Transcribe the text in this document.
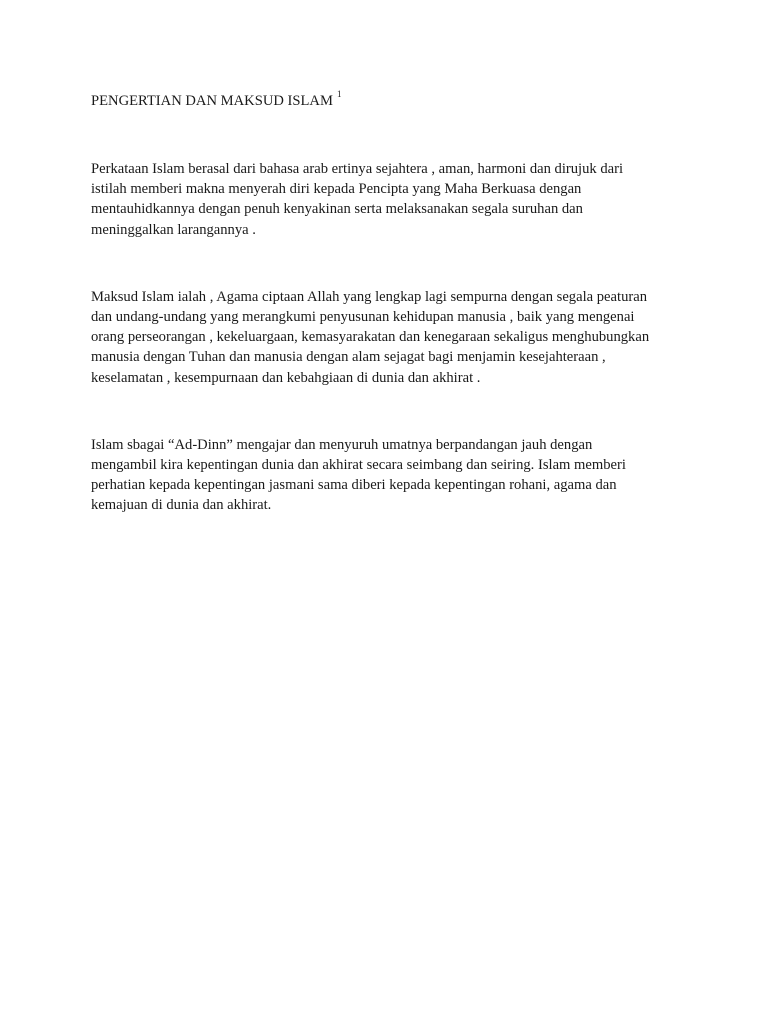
PENGERTIAN DAN MAKSUD ISLAM $^1$

Perkataan Islam berasal dari bahasa arab ertinya sejahtera , aman, harmoni dan dirujuk dari
istilah memberi makna menyerah diri kepada Pencipta yang Maha Berkuasa dengan
mentauhidkannya dengan penuh kenyakinan serta melaksanakan segala suruhan dan
meninggalkan larangannya .

Maksud Islam ialah , Agama ciptaan Allah yang lengkap lagi sempurna dengan segala peaturan
dan undang-undang yang merangkumi penyusunan kehidupan manusia , baik yang mengenai
orang perseorangan , kekeluargaan, kemasyarakatan dan kenegaraan sekaligus menghubungkan
manusia dengan Tuhan dan manusia dengan alam sejagat bagi menjamin kesejahteraan ,
keselamatan , kesempurnaan dan kebahgiaan di dunia dan akhirat .

Islam sbagai “Ad-Dinn” mengajar dan menyuruh umatnya berpandangan jauh dengan
mengambil kira kepentingan dunia dan akhirat secara seimbang dan seiring. Islam memberi
perhatian kepada kepentingan jasmani sama diberi kepada kepentingan rohani, agama dan
kemajuan di dunia dan akhirat.
